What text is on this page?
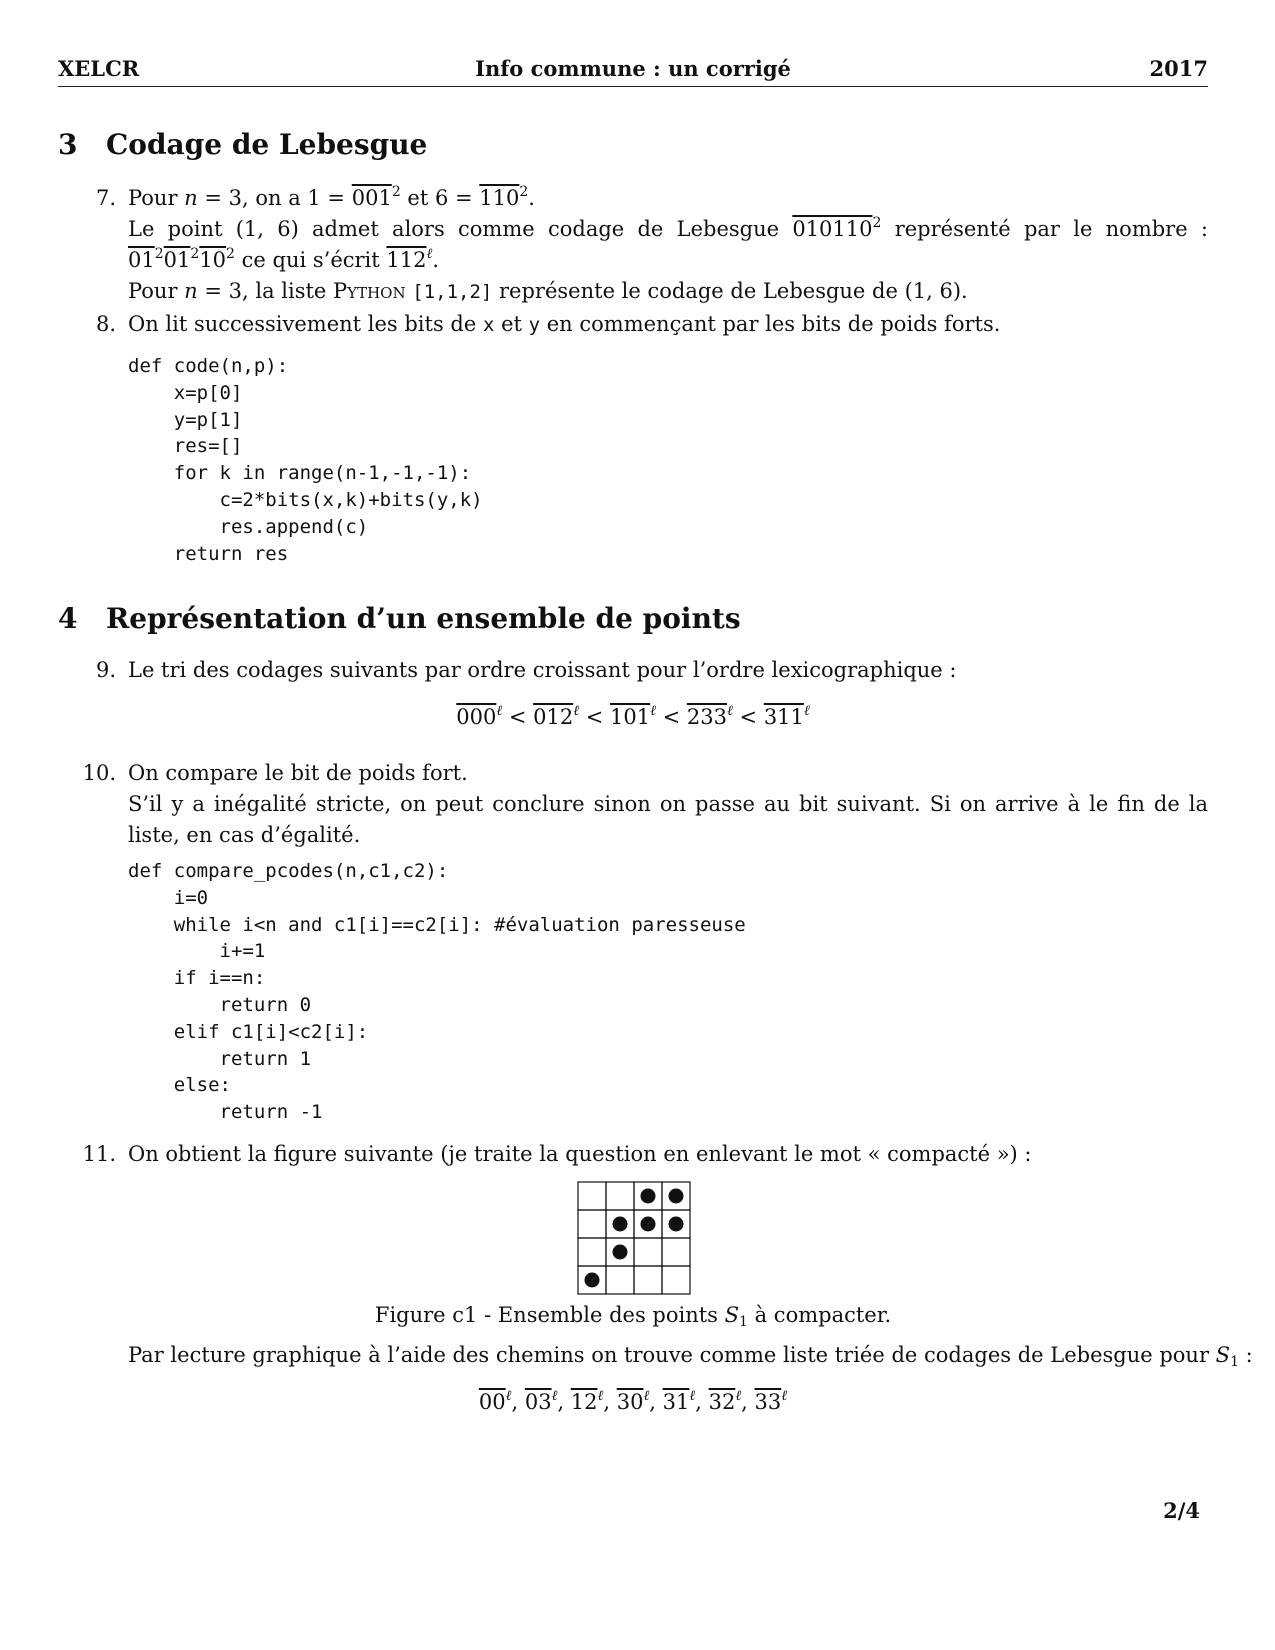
XELCR	Info commune : un corrigé	2017
3 Codage de Lebesgue
7. Pour n = 3, on a $1 = 001^2$ et $6 = 110^2$.
Le point (1, 6) admet alors comme codage de Lebesgue 010110$^2$ représenté par le nombre : $01^201^210^2$ ce qui s’écrit $112^\ell$.
Pour n = 3, la liste Python [1,1,2] représente le codage de Lebesgue de (1, 6).
8. On lit successivement les bits de x et y en commençant par les bits de poids forts.
def code(n,p):
x=p[0]
y=p[1]
res=[]
for k in range(n-1,-1,-1):
c=2*bits(x,k)+bits(y,k)
res.append(c)
return res
4 Représentation d’un ensemble de points
9. Le tri des codages suivants par ordre croissant pour l’ordre lexicographique :
$000^\ell < 012^\ell < 101^\ell < 233^\ell < 311^\ell$
10. On compare le bit de poids fort.
S’il y a inégalité stricte, on peut conclure sinon on passe au bit suivant. Si on arrive à le fin de la liste, en cas d’égalité.
def compare_pcodes(n,c1,c2):
i=0
while i<n and c1[i]==c2[i]: #évaluation paresseuse
i+=1
if i==n:
return 0
elif c1[i]<c2[i]:
return 1
else:
return -1
11. On obtient la figure suivante (je traite la question en enlevant le mot « compacté ») :
Figure c1 - Ensemble des points $S_1$ à compacter.
Par lecture graphique à l’aide des chemins on trouve comme liste triée de codages de Lebesgue pour $S_1$ :
$00^\ell$, $03^\ell$, $12^\ell$, $30^\ell$, $31^\ell$, $32^\ell$, $33^\ell$
2/4
